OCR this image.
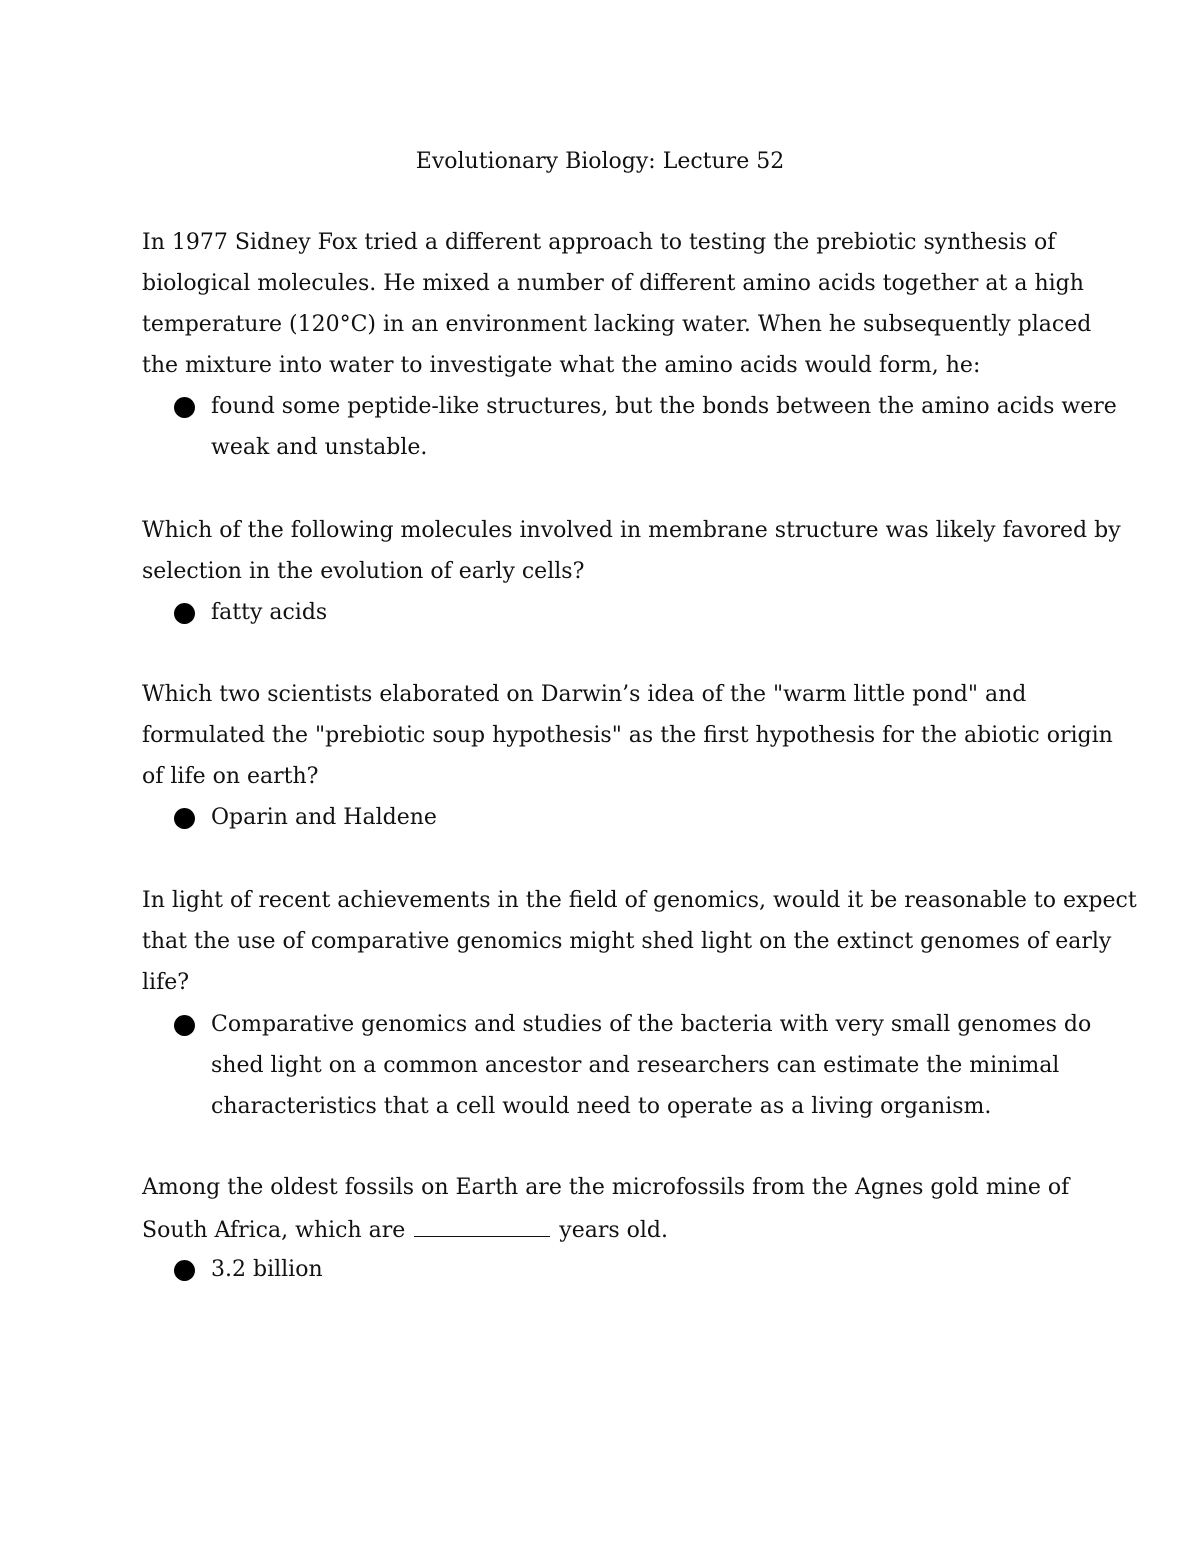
Evolutionary Biology: Lecture 52
In 1977 Sidney Fox tried a different approach to testing the prebiotic synthesis of
biological molecules. He mixed a number of different amino acids together at a high
temperature (120°C) in an environment lacking water. When he subsequently placed
the mixture into water to investigate what the amino acids would form, he:
found some peptide-like structures, but the bonds between the amino acids were
weak and unstable.
Which of the following molecules involved in membrane structure was likely favored by
selection in the evolution of early cells?
fatty acids
Which two scientists elaborated on Darwin’s idea of the "warm little pond" and
formulated the "prebiotic soup hypothesis" as the first hypothesis for the abiotic origin
of life on earth?
Oparin and Haldene
In light of recent achievements in the field of genomics, would it be reasonable to expect
that the use of comparative genomics might shed light on the extinct genomes of early
life?
Comparative genomics and studies of the bacteria with very small genomes do
shed light on a common ancestor and researchers can estimate the minimal
characteristics that a cell would need to operate as a living organism.
Among the oldest fossils on Earth are the microfossils from the Agnes gold mine of
South Africa, which are	years old.
3.2 billion
